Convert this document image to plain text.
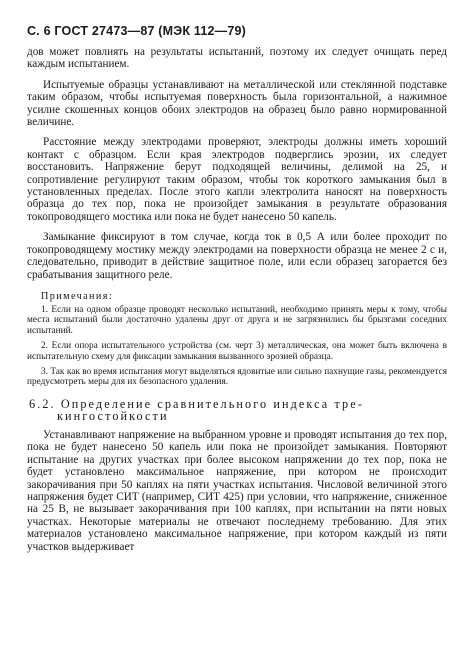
С. 6 ГОСТ 27473—87 (МЭК 112—79)

дов может повлиять на результаты испытаний, поэтому их следует очищать перед каждым испытанием.

Испытуемые образцы устанавливают на металлической или стеклянной подставке таким образом, чтобы испытуемая поверхность была горизонтальной, а нажимное усилие скошенных концов обоих электродов на образец было равно нормированной величине.

Расстояние между электродами проверяют, электроды должны иметь хороший контакт с образцом. Если края электродов подверглись эрозии, их следует восстановить. Напряжение берут подходящей величины, делимой на 25, и сопротивление регулируют таким образом, чтобы ток короткого замыкания был в установленных пределах. После этого капли электролита наносят на поверхность образца до тех пор, пока не произойдет замыкания в результате образования токопроводящего мостика или пока не будет нанесено 50 капель.

Замыкание фиксируют в том случае, когда ток в 0,5 А или более проходит по токопроводящему мостику между электродами на поверхности образца не менее 2 с и, следовательно, приводит в действие защитное поле, или если образец загорается без срабатывания защитного реле.

Примечания:

1. Если на одном образце проводят несколько испытаний, необходимо принять меры к тому, чтобы места испытаний были достаточно удалены друг от друга и не загрязнились бы брызгами соседних испытаний.

2. Если опора испытательного устройства (см. черт 3) металлическая, она может быть включена в испытательную схему для фиксации замыкания вызванного эрозией образца.

3. Так как во время испытания могут выделяться ядовитые или сильно пахнущие газы, рекомендуется предусмотреть меры для их безопасного удаления.

6.2. Определение сравнительного индекса тре-
кингостойкости

Устанавливают напряжение на выбранном уровне и проводят испытания до тех пор, пока не будет нанесено 50 капель или пока не произойдет замыкания. Повторяют испытание на других участках при более высоком напряжении до тех пор, пока не будет установлено максимальное напряжение, при котором не происходит закорачивания при 50 каплях на пяти участках испытания. Числовой величиной этого напряжения будет СИТ (например, СИТ 425) при условии, что напряжение, сниженное на 25 В, не вызывает закорачивания при 100 каплях, при испытании на пяти новых участках. Некоторые материалы не отвечают последнему требованию. Для этих материалов установлено максимальное напряжение, при котором каждый из пяти участков выдерживает
